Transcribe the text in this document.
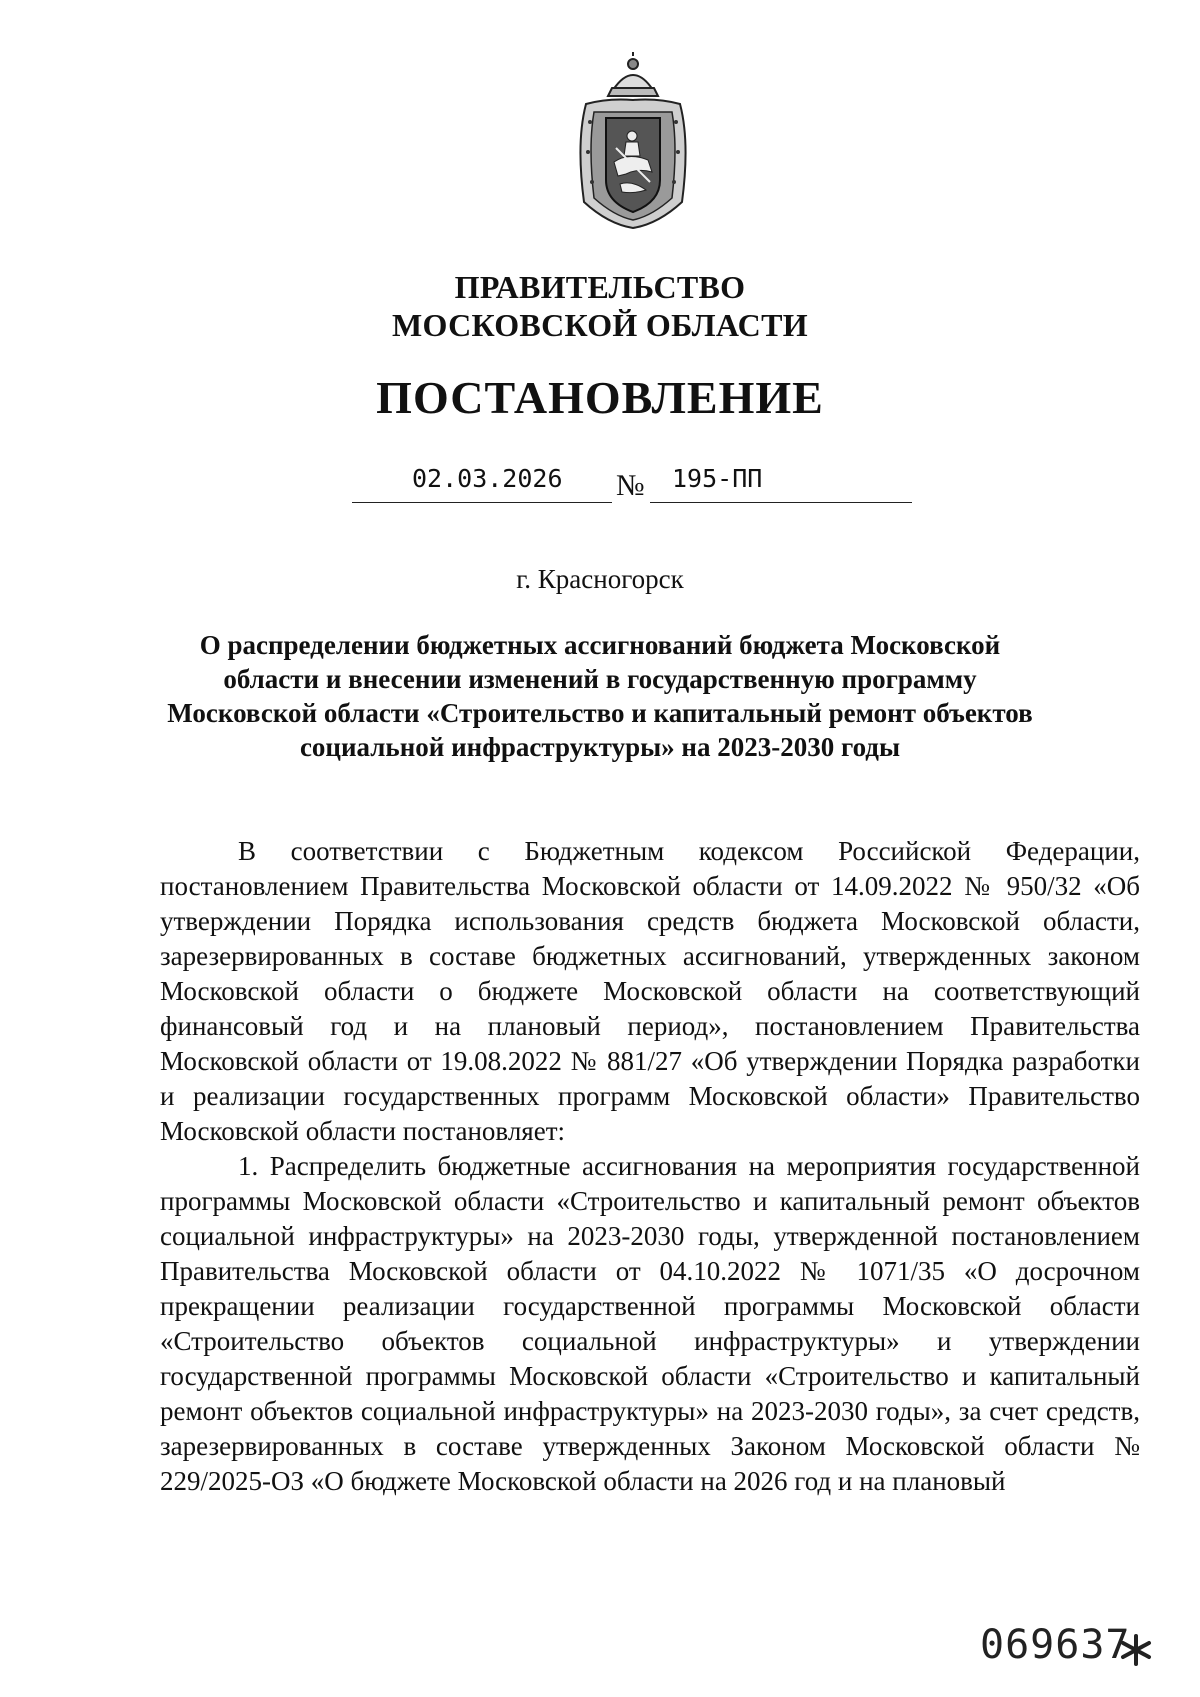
ПРАВИТЕЛЬСТВО
МОСКОВСКОЙ ОБЛАСТИ
ПОСТАНОВЛЕНИЕ
02.03.2026 № 195-ПП
г. Красногорск
О распределении бюджетных ассигнований бюджета Московской области и внесении изменений в государственную программу Московской области «Строительство и капитальный ремонт объектов социальной инфраструктуры» на 2023-2030 годы

В соответствии с Бюджетным кодексом Российской Федерации, постановлением Правительства Московской области от 14.09.2022 № 950/32 «Об утверждении Порядка использования средств бюджета Московской области, зарезервированных в составе бюджетных ассигнований, утвержденных законом Московской области о бюджете Московской области на соответствующий финансовый год и на плановый период», постановлением Правительства Московской области от 19.08.2022 № 881/27 «Об утверждении Порядка разработки и реализации государственных программ Московской области» Правительство Московской области постановляет:

1. Распределить бюджетные ассигнования на мероприятия государственной программы Московской области «Строительство и капитальный ремонт объектов социальной инфраструктуры» на 2023-2030 годы, утвержденной постановлением Правительства Московской области от 04.10.2022 № 1071/35 «О досрочном прекращении реализации государственной программы Московской области «Строительство объектов социальной инфраструктуры» и утверждении государственной программы Московской области «Строительство и капитальный ремонт объектов социальной инфраструктуры» на 2023-2030 годы», за счет средств, зарезервированных в составе утвержденных Законом Московской области № 229/2025-ОЗ «О бюджете Московской области на 2026 год и на плановый

069637
